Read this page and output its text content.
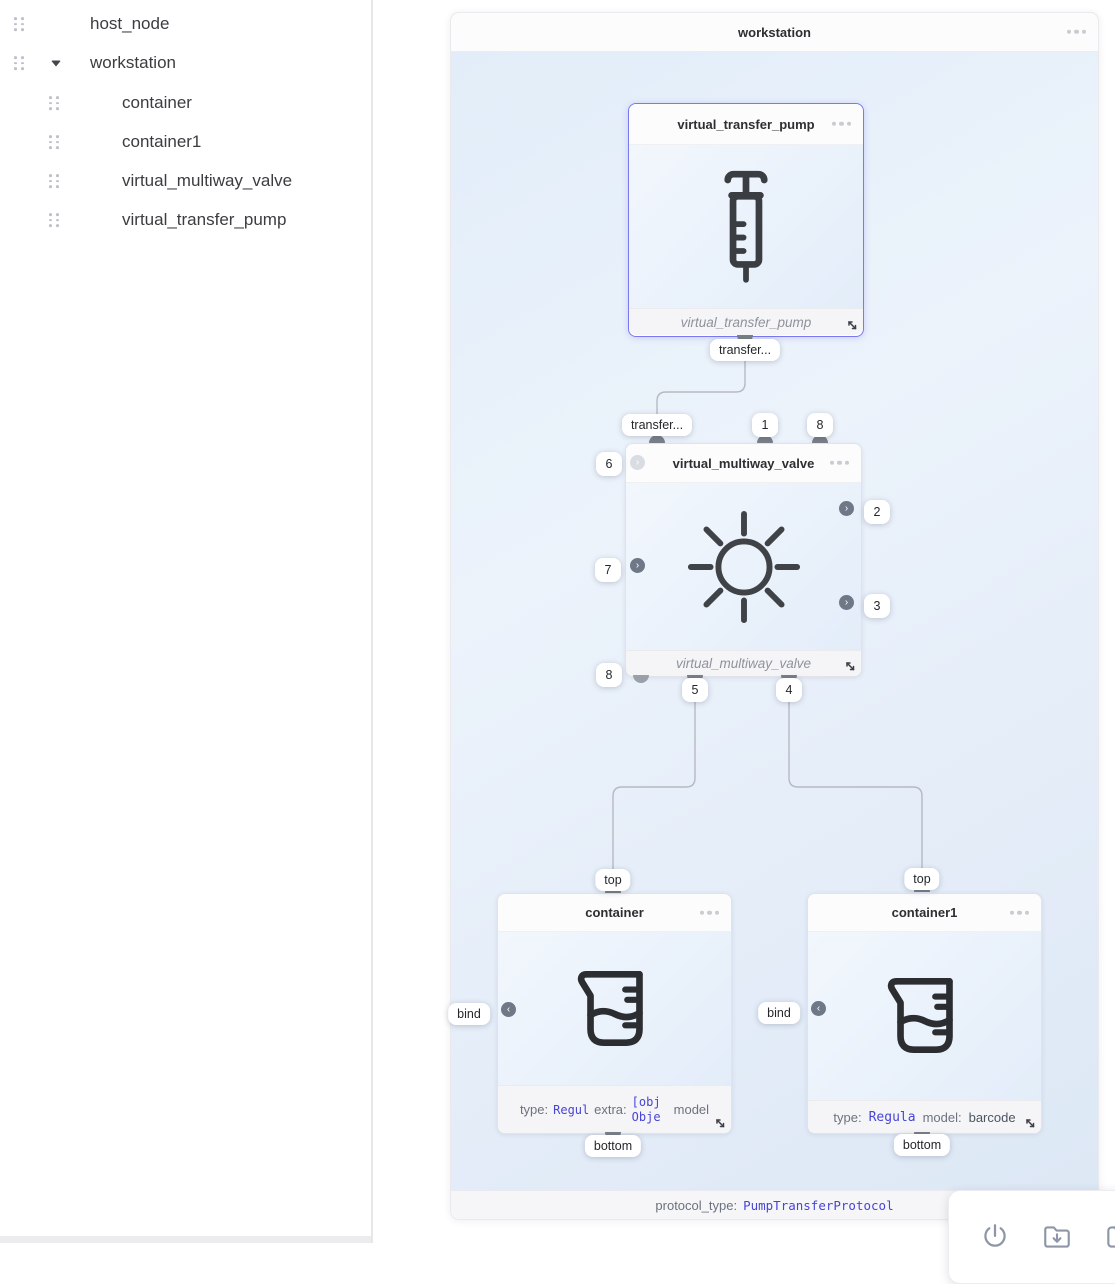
host_node
workstation
container
container1
virtual_multiway_valve
virtual_transfer_pump
workstation
protocol_type: PumpTransferProtocol
virtual_transfer_pump
virtual_transfer_pump
virtual_multiway_valve
virtual_multiway_valve
container
type: Regul extra: [obj Obje	model
container1
type: Regula model: barcode
transfer...
transfer...	1	8
›
6
›
7
8
›	2
›	3
5	4
top
‹
bind
bottom
top
‹
bind
bottom
